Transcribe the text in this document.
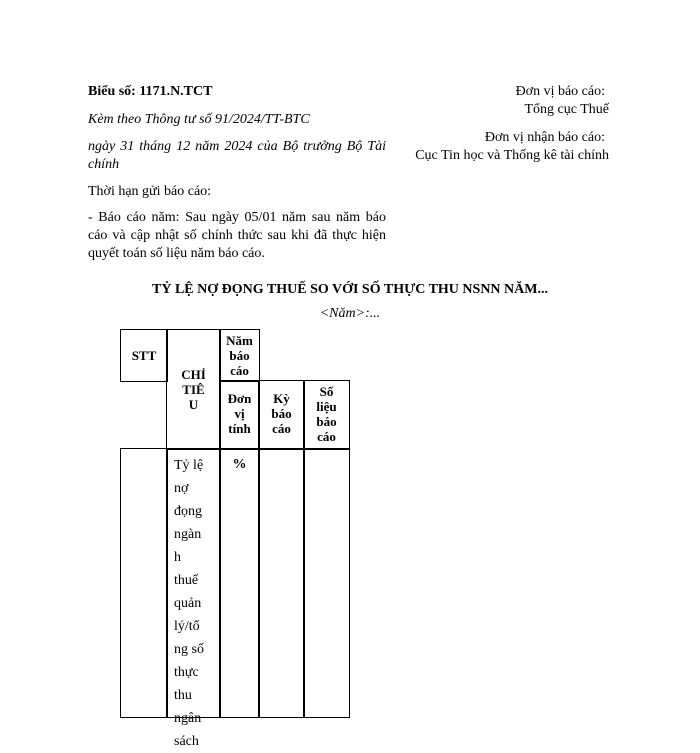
Biểu số: 1171.N.TCT
Kèm theo Thông tư số 91/2024/TT-BTC
ngày 31 tháng 12 năm 2024 của Bộ trưởng Bộ Tài chính
Thời hạn gửi báo cáo:
- Báo cáo năm: Sau ngày 05/01 năm sau năm báo cáo và cập nhật số chính thức sau khi đã thực hiện quyết toán số liệu năm báo cáo.
Đơn vị báo cáo:
Tổng cục Thuế
Đơn vị nhận báo cáo:
Cục Tin học và Thống kê tài chính
TỶ LỆ NỢ ĐỌNG THUẾ SO VỚI SỐ THỰC THU NSNN NĂM...
<Năm>:...
STT
CHỈ
TIÊ
U
Năm
báo
cáo
Đơn
vị
tính
Kỳ
báo
cáo
Số
liệu
báo
cáo
Tỷ lệ
nợ
đọng
ngàn
h
thuế
quản
lý/tổ
ng số
thực
thu
ngân
sách
%
